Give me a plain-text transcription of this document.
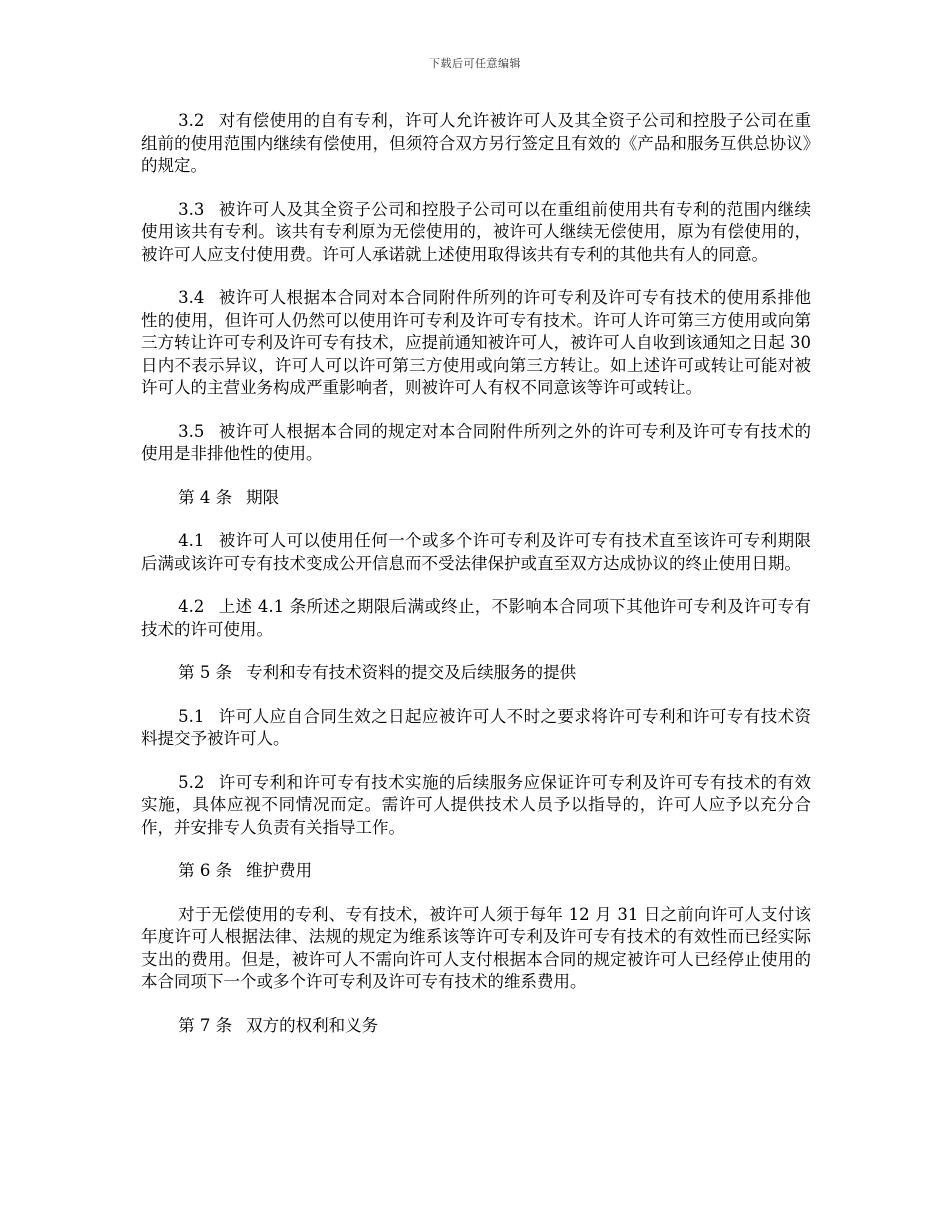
下载后可任意编辑

3.2 对有偿使用的自有专利，许可人允许被许可人及其全资子公司和控股子公司在重组前的使用范围内继续有偿使用，但须符合双方另行签定且有效的《产品和服务互供总协议》的规定。

3.3 被许可人及其全资子公司和控股子公司可以在重组前使用共有专利的范围内继续使用该共有专利。该共有专利原为无偿使用的，被许可人继续无偿使用，原为有偿使用的，被许可人应支付使用费。许可人承诺就上述使用取得该共有专利的其他共有人的同意。

3.4 被许可人根据本合同对本合同附件所列的许可专利及许可专有技术的使用系排他性的使用，但许可人仍然可以使用许可专利及许可专有技术。许可人许可第三方使用或向第三方转让许可专利及许可专有技术，应提前通知被许可人，被许可人自收到该通知之日起 30 日内不表示异议，许可人可以许可第三方使用或向第三方转让。如上述许可或转让可能对被许可人的主营业务构成严重影响者，则被许可人有权不同意该等许可或转让。

3.5 被许可人根据本合同的规定对本合同附件所列之外的许可专利及许可专有技术的使用是非排他性的使用。

第 4 条 期限

4.1 被许可人可以使用任何一个或多个许可专利及许可专有技术直至该许可专利期限后满或该许可专有技术变成公开信息而不受法律保护或直至双方达成协议的终止使用日期。

4.2 上述 4.1 条所述之期限后满或终止，不影响本合同项下其他许可专利及许可专有技术的许可使用。

第 5 条 专利和专有技术资料的提交及后续服务的提供

5.1 许可人应自合同生效之日起应被许可人不时之要求将许可专利和许可专有技术资料提交予被许可人。

5.2 许可专利和许可专有技术实施的后续服务应保证许可专利及许可专有技术的有效实施，具体应视不同情况而定。需许可人提供技术人员予以指导的，许可人应予以充分合作，并安排专人负责有关指导工作。

第 6 条 维护费用

对于无偿使用的专利、专有技术，被许可人须于每年 12 月 31 日之前向许可人支付该年度许可人根据法律、法规的规定为维系该等许可专利及许可专有技术的有效性而已经实际支出的费用。但是，被许可人不需向许可人支付根据本合同的规定被许可人已经停止使用的本合同项下一个或多个许可专利及许可专有技术的维系费用。

第 7 条 双方的权利和义务
